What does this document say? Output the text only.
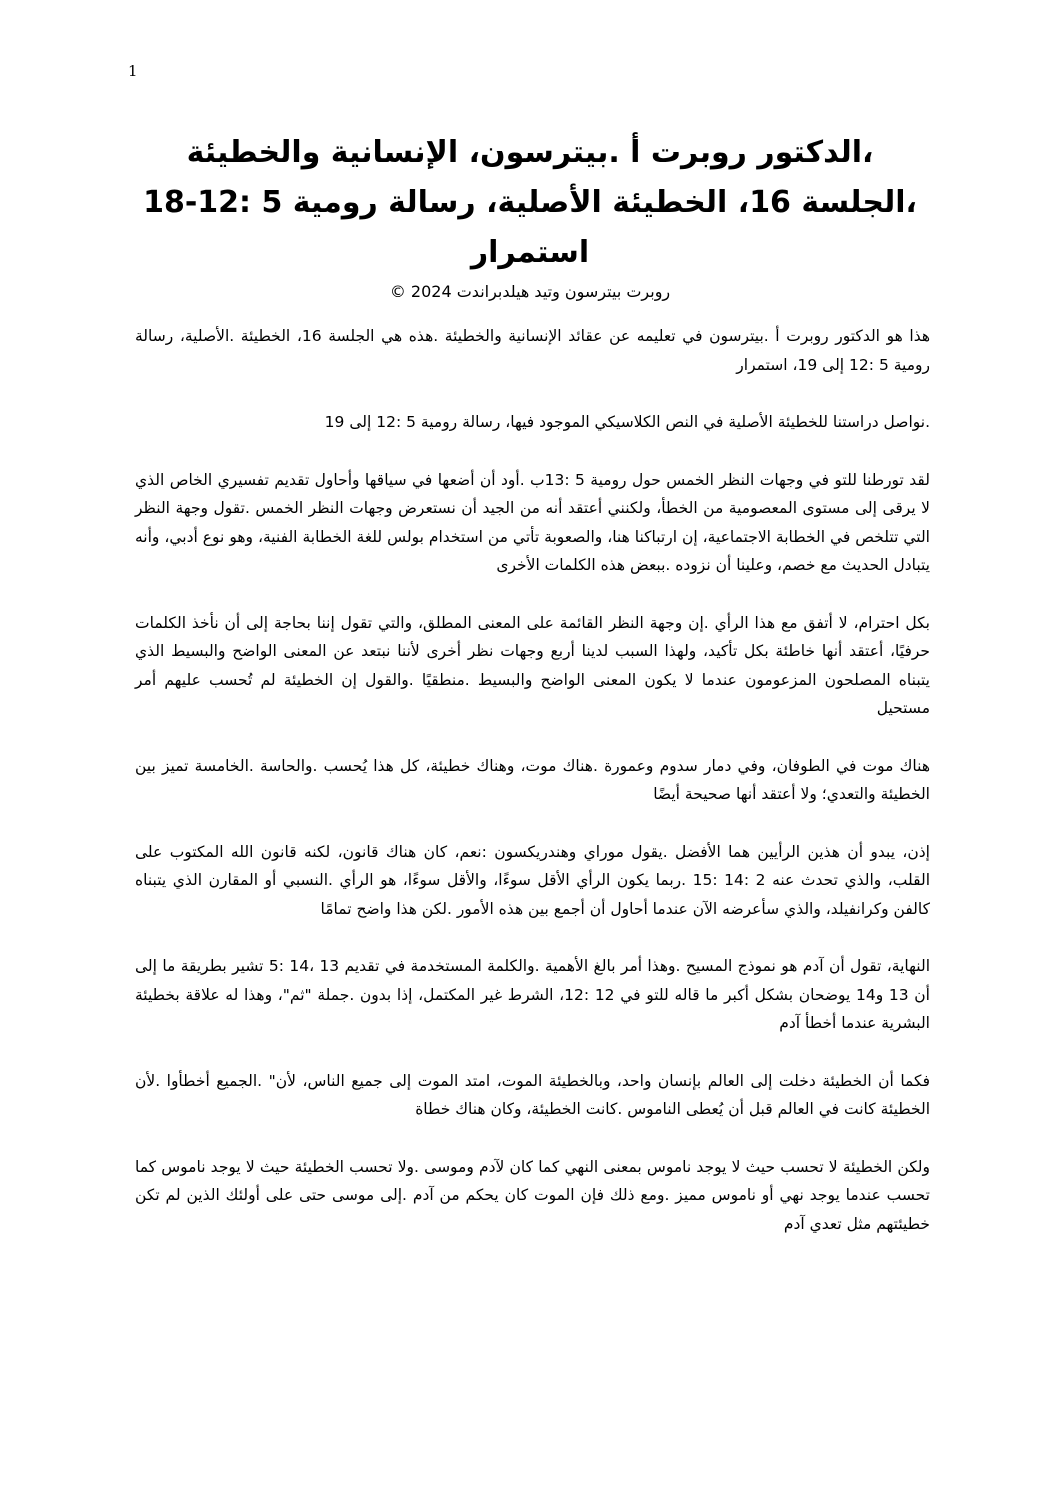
1
،الدكتور روبرت أ .بيترسون، الإنسانية والخطيئة
،الجلسة 16، الخطيئة الأصلية، رسالة رومية 5 :12-18
استمرار
روبرت بيترسون وتيد هيلدبراندت 2024 ©

هذا هو الدكتور روبرت أ .بيترسون في تعليمه عن عقائد الإنسانية والخطيئة .هذه هي الجلسة 16، الخطيئة .الأصلية، رسالة رومية 5 :12 إلى 19، استمرار

.نواصل دراستنا للخطيئة الأصلية في النص الكلاسيكي الموجود فيها، رسالة رومية 5 :12 إلى 19

لقد تورطنا للتو في وجهات النظر الخمس حول رومية 5 :13ب .أود أن أضعها في سياقها وأحاول تقديم تفسيري الخاص الذي لا يرقى إلى مستوى المعصومية من الخطأ، ولكنني أعتقد أنه من الجيد أن نستعرض وجهات النظر الخمس .تقول وجهة النظر التي تتلخص في الخطابة الاجتماعية، إن ارتباكنا هنا، والصعوبة تأتي من استخدام بولس للغة الخطابة الفنية، وهو نوع أدبي، وأنه يتبادل الحديث مع خصم، وعلينا أن نزوده .ببعض هذه الكلمات الأخرى

بكل احترام، لا أتفق مع هذا الرأي .إن وجهة النظر القائمة على المعنى المطلق، والتي تقول إننا بحاجة إلى أن نأخذ الكلمات حرفيًا، أعتقد أنها خاطئة بكل تأكيد، ولهذا السبب لدينا أربع وجهات نظر أخرى لأننا نبتعد عن المعنى الواضح والبسيط الذي يتبناه المصلحون المزعومون عندما لا يكون المعنى الواضح والبسيط .منطقيًا .والقول إن الخطيئة لم تُحسب عليهم أمر مستحيل

هناك موت في الطوفان، وفي دمار سدوم وعمورة .هناك موت، وهناك خطيئة، كل هذا يُحسب .والحاسة .الخامسة تميز بين الخطيئة والتعدي؛ ولا أعتقد أنها صحيحة أيضًا

إذن، يبدو أن هذين الرأيين هما الأفضل .يقول موراي وهندريكسون :نعم، كان هناك قانون، لكنه قانون الله المكتوب على القلب، والذي تحدث عنه 2 :14 :15 .ربما يكون الرأي الأقل سوءًا، والأقل سوءًا، هو الرأي .النسبي أو المقارن الذي يتبناه كالفن وكرانفيلد، والذي سأعرضه الآن عندما أحاول أن أجمع بين هذه الأمور .لكن هذا واضح تمامًا

النهاية، تقول أن آدم هو نموذج المسيح .وهذا أمر بالغ الأهمية .والكلمة المستخدمة في تقديم 13 ،14 :5 تشير بطريقة ما إلى أن 13 و14 يوضحان بشكل أكبر ما قاله للتو في 12 :12، الشرط غير المكتمل، إذا بدون .جملة "ثم"، وهذا له علاقة بخطيئة البشرية عندما أخطأ آدم

فكما أن الخطيئة دخلت إلى العالم بإنسان واحد، وبالخطيئة الموت، امتد الموت إلى جميع الناس، لأن" .الجميع أخطأوا .لأن الخطيئة كانت في العالم قبل أن يُعطى الناموس .كانت الخطيئة، وكان هناك خطاة

ولكن الخطيئة لا تحسب حيث لا يوجد ناموس بمعنى النهي كما كان لآدم وموسى .ولا تحسب الخطيئة حيث لا يوجد ناموس كما تحسب عندما يوجد نهي أو ناموس مميز .ومع ذلك فإن الموت كان يحكم من آدم .إلى موسى حتى على أولئك الذين لم تكن خطيئتهم مثل تعدي آدم
